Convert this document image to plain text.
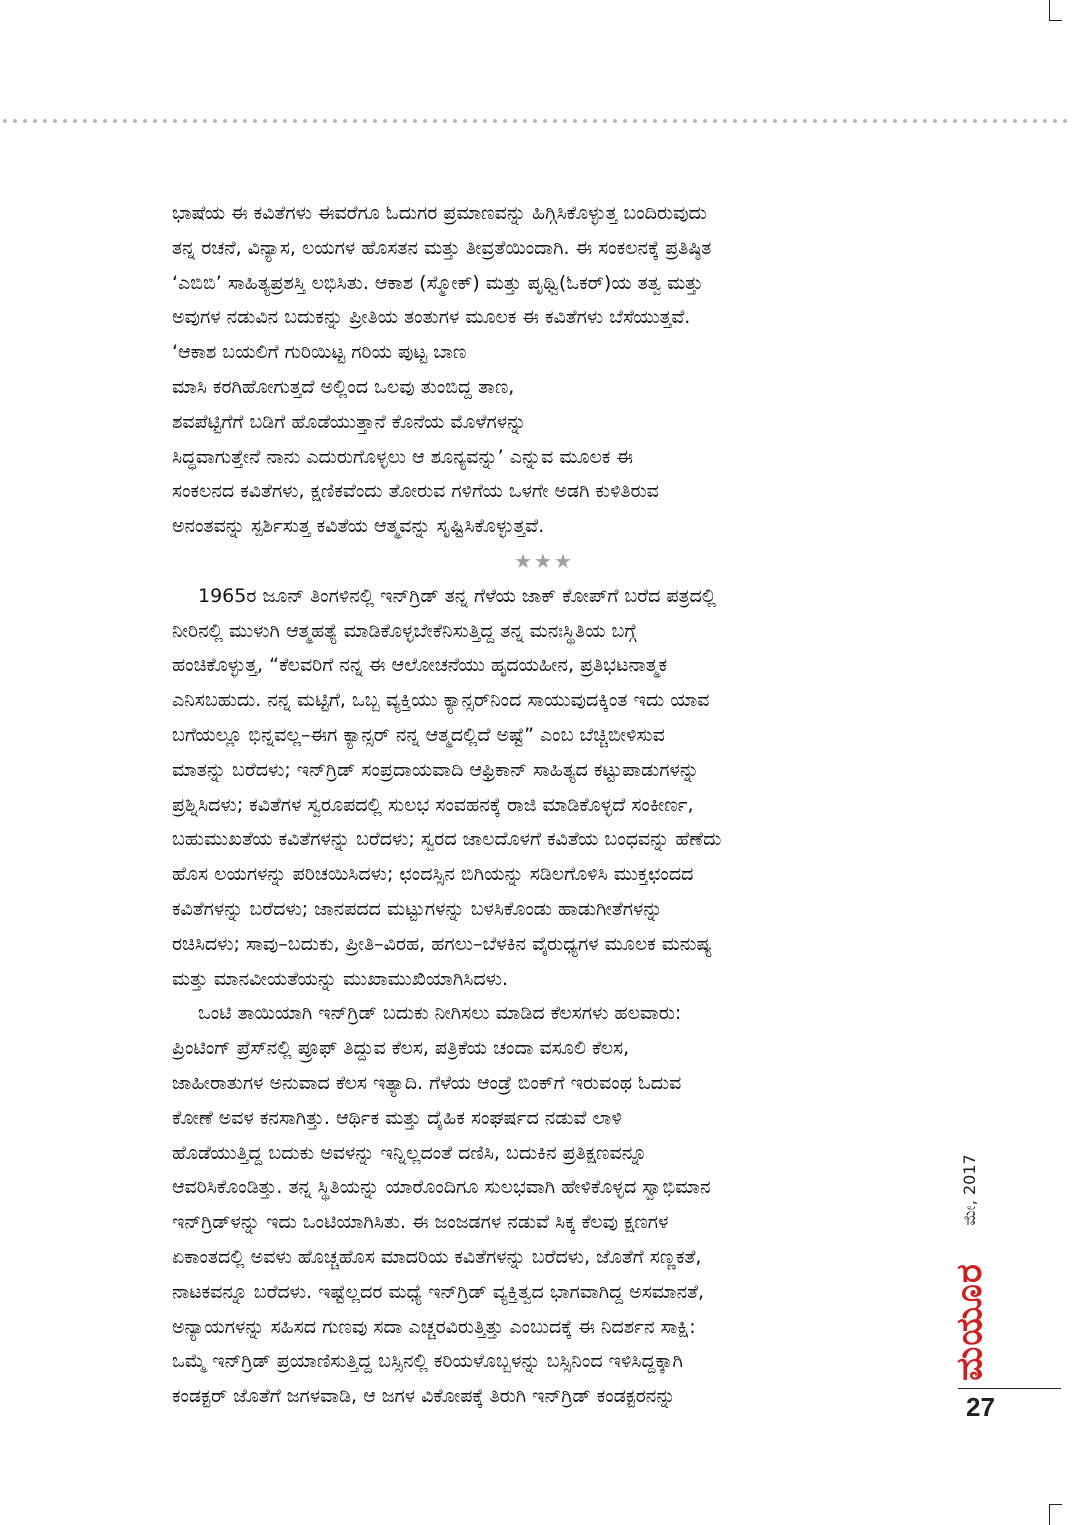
ಭಾಷೆಯ ಈ ಕವಿತೆಗಳು ಈವರೆಗೂ ಓದುಗರ ಪ್ರಮಾಣವನ್ನು ಹಿಗ್ಗಿಸಿಕೊಳ್ಳುತ್ತ ಬಂದಿರುವುದು
ತನ್ನ ರಚನೆ, ವಿನ್ಯಾಸ, ಲಯಗಳ ಹೊಸತನ ಮತ್ತು ತೀವ್ರತೆಯಿಂದಾಗಿ. ಈ ಸಂಕಲನಕ್ಕೆ ಪ್ರತಿಷ್ಠಿತ
‘ಎಬಿಬಿ’ ಸಾಹಿತ್ಯಪ್ರಶಸ್ತಿ ಲಭಿಸಿತು. ಆಕಾಶ (ಸ್ಮೋಕ್) ಮತ್ತು ಪೃಥ್ವಿ(ಓಕರ್)ಯ ತತ್ವ ಮತ್ತು
ಅವುಗಳ ನಡುವಿನ ಬದುಕನ್ನು ಪ್ರೀತಿಯ ತಂತುಗಳ ಮೂಲಕ ಈ ಕವಿತೆಗಳು ಬೆಸೆಯುತ್ತವೆ.
‘ಆಕಾಶ ಬಯಲಿಗೆ ಗುರಿಯಿಟ್ಟ ಗರಿಯ ಪುಟ್ಟ ಬಾಣ
ಮಾಸಿ ಕರಗಿಹೋಗುತ್ತದೆ ಅಲ್ಲಿಂದ ಒಲವು ತುಂಬಿದ್ದ ತಾಣ,
ಶವಪೆಟ್ಟಿಗೆಗೆ ಬಡಿಗೆ ಹೊಡೆಯುತ್ತಾನೆ ಕೊನೆಯ ಮೊಳೆಗಳನ್ನು
ಸಿದ್ಧವಾಗುತ್ತೇನೆ ನಾನು ಎದುರುಗೊಳ್ಳಲು ಆ ಶೂನ್ಯವನ್ನು’ ಎನ್ನುವ ಮೂಲಕ ಈ
ಸಂಕಲನದ ಕವಿತೆಗಳು, ಕ್ಷಣಿಕವೆಂದು ತೋರುವ ಗಳಿಗೆಯ ಒಳಗೇ ಅಡಗಿ ಕುಳಿತಿರುವ
ಅನಂತವನ್ನು ಸ್ಪರ್ಶಿಸುತ್ತ ಕವಿತೆಯ ಆತ್ಮವನ್ನು ಸೃಷ್ಟಿಸಿಕೊಳ್ಳುತ್ತವೆ.
★★★
1965ರ ಜೂನ್ ತಿಂಗಳಿನಲ್ಲಿ ಇನ್‌ಗ್ರಿಡ್ ತನ್ನ ಗೆಳೆಯ ಜಾಕ್ ಕೋಪ್‌ಗೆ ಬರೆದ ಪತ್ರದಲ್ಲಿ
ನೀರಿನಲ್ಲಿ ಮುಳುಗಿ ಆತ್ಮಹತ್ಯೆ ಮಾಡಿಕೊಳ್ಳಬೇಕೆನಿಸುತ್ತಿದ್ದ ತನ್ನ ಮನಃಸ್ಥಿತಿಯ ಬಗ್ಗೆ
ಹಂಚಿಕೊಳ್ಳುತ್ತ, “ಕೆಲವರಿಗೆ ನನ್ನ ಈ ಆಲೋಚನೆಯು ಹೃದಯಹೀನ, ಪ್ರತಿಭಟನಾತ್ಮಕ
ಎನಿಸಬಹುದು. ನನ್ನ ಮಟ್ಟಿಗೆ, ಒಬ್ಬ ವ್ಯಕ್ತಿಯು ಕ್ಯಾನ್ಸರ್‌ನಿಂದ ಸಾಯುವುದಕ್ಕಿಂತ ಇದು ಯಾವ
ಬಗೆಯಲ್ಲೂ ಭಿನ್ನವಲ್ಲ–ಈಗ ಕ್ಯಾನ್ಸರ್ ನನ್ನ ಆತ್ಮದಲ್ಲಿದೆ ಅಷ್ಟೆ” ಎಂಬ ಬೆಚ್ಚಿಬೀಳಿಸುವ
ಮಾತನ್ನು ಬರೆದಳು; ಇನ್‌ಗ್ರಿಡ್ ಸಂಪ್ರದಾಯವಾದಿ ಆಫ್ರಿಕಾನ್ ಸಾಹಿತ್ಯದ ಕಟ್ಟುಪಾಡುಗಳನ್ನು
ಪ್ರಶ್ನಿಸಿದಳು; ಕವಿತೆಗಳ ಸ್ವರೂಪದಲ್ಲಿ ಸುಲಭ ಸಂವಹನಕ್ಕೆ ರಾಜಿ ಮಾಡಿಕೊಳ್ಳದೆ ಸಂಕೀರ್ಣ,
ಬಹುಮುಖತೆಯ ಕವಿತೆಗಳನ್ನು ಬರೆದಳು; ಸ್ವರದ ಜಾಲದೊಳಗೆ ಕವಿತೆಯ ಬಂಧವನ್ನು ಹೆಣೆದು
ಹೊಸ ಲಯಗಳನ್ನು ಪರಿಚಯಿಸಿದಳು; ಛಂದಸ್ಸಿನ ಬಿಗಿಯನ್ನು ಸಡಿಲಗೊಳಿಸಿ ಮುಕ್ತಛಂದದ
ಕವಿತೆಗಳನ್ನು ಬರೆದಳು; ಜಾನಪದದ ಮಟ್ಟುಗಳನ್ನು ಬಳಸಿಕೊಂಡು ಹಾಡುಗೀತೆಗಳನ್ನು
ರಚಿಸಿದಳು; ಸಾವು–ಬದುಕು, ಪ್ರೀತಿ–ವಿರಹ, ಹಗಲು–ಬೆಳಕಿನ ವೈರುಧ್ಯಗಳ ಮೂಲಕ ಮನುಷ್ಯ
ಮತ್ತು ಮಾನವೀಯತೆಯನ್ನು ಮುಖಾಮುಖಿಯಾಗಿಸಿದಳು.
ಒಂಟಿ ತಾಯಿಯಾಗಿ ಇನ್‌ಗ್ರಿಡ್ ಬದುಕು ನೀಗಿಸಲು ಮಾಡಿದ ಕೆಲಸಗಳು ಹಲವಾರು:
ಪ್ರಿಂಟಿಂಗ್ ಪ್ರೆಸ್‌ನಲ್ಲಿ ಪ್ರೂಫ್ ತಿದ್ದುವ ಕೆಲಸ, ಪತ್ರಿಕೆಯ ಚಂದಾ ವಸೂಲಿ ಕೆಲಸ,
ಜಾಹೀರಾತುಗಳ ಅನುವಾದ ಕೆಲಸ ಇತ್ಯಾದಿ. ಗೆಳೆಯ ಆಂಡ್ರೆ ಬಿಂಕ್‌ಗೆ ಇರುವಂಥ ಓದುವ
ಕೋಣೆ ಅವಳ ಕನಸಾಗಿತ್ತು. ಆರ್ಥಿಕ ಮತ್ತು ದೈಹಿಕ ಸಂಘರ್ಷದ ನಡುವೆ ಲಾಳಿ
ಹೊಡೆಯುತ್ತಿದ್ದ ಬದುಕು ಅವಳನ್ನು ಇನ್ನಿಲ್ಲದಂತೆ ದಣಿಸಿ, ಬದುಕಿನ ಪ್ರತಿಕ್ಷಣವನ್ನೂ
ಆವರಿಸಿಕೊಂಡಿತ್ತು. ತನ್ನ ಸ್ಥಿತಿಯನ್ನು ಯಾರೊಂದಿಗೂ ಸುಲಭವಾಗಿ ಹೇಳಿಕೊಳ್ಳದ ಸ್ವಾಭಿಮಾನ
ಇನ್‌ಗ್ರಿಡ್‌ಳನ್ನು ಇದು ಒಂಟಿಯಾಗಿಸಿತು. ಈ ಜಂಜಡಗಳ ನಡುವೆ ಸಿಕ್ಕ ಕೆಲವು ಕ್ಷಣಗಳ
ಏಕಾಂತದಲ್ಲಿ ಅವಳು ಹೊಚ್ಚಹೊಸ ಮಾದರಿಯ ಕವಿತೆಗಳನ್ನು ಬರೆದಳು, ಜೊತೆಗೆ ಸಣ್ಣಕತೆ,
ನಾಟಕವನ್ನೂ ಬರೆದಳು. ಇಷ್ಟೆಲ್ಲದರ ಮಧ್ಯೆ ಇನ್‌ಗ್ರಿಡ್ ವ್ಯಕ್ತಿತ್ವದ ಭಾಗವಾಗಿದ್ದ ಅಸಮಾನತೆ,
ಅನ್ಯಾಯಗಳನ್ನು ಸಹಿಸದ ಗುಣವು ಸದಾ ಎಚ್ಚರವಿರುತ್ತಿತ್ತು ಎಂಬುದಕ್ಕೆ ಈ ನಿದರ್ಶನ ಸಾಕ್ಷಿ:
ಒಮ್ಮೆ ಇನ್‌ಗ್ರಿಡ್ ಪ್ರಯಾಣಿಸುತ್ತಿದ್ದ ಬಸ್ಸಿನಲ್ಲಿ ಕರಿಯಳೊಬ್ಬಳನ್ನು ಬಸ್ಸಿನಿಂದ ಇಳಿಸಿದ್ದಕ್ಕಾಗಿ
ಕಂಡಕ್ಟರ್ ಜೊತೆಗೆ ಜಗಳವಾಡಿ, ಆ ಜಗಳ ವಿಕೋಪಕ್ಕೆ ತಿರುಗಿ ಇನ್‌ಗ್ರಿಡ್ ಕಂಡಕ್ಟರನನ್ನು
ಮೇ, 2017
ಮಯೂರ
27
